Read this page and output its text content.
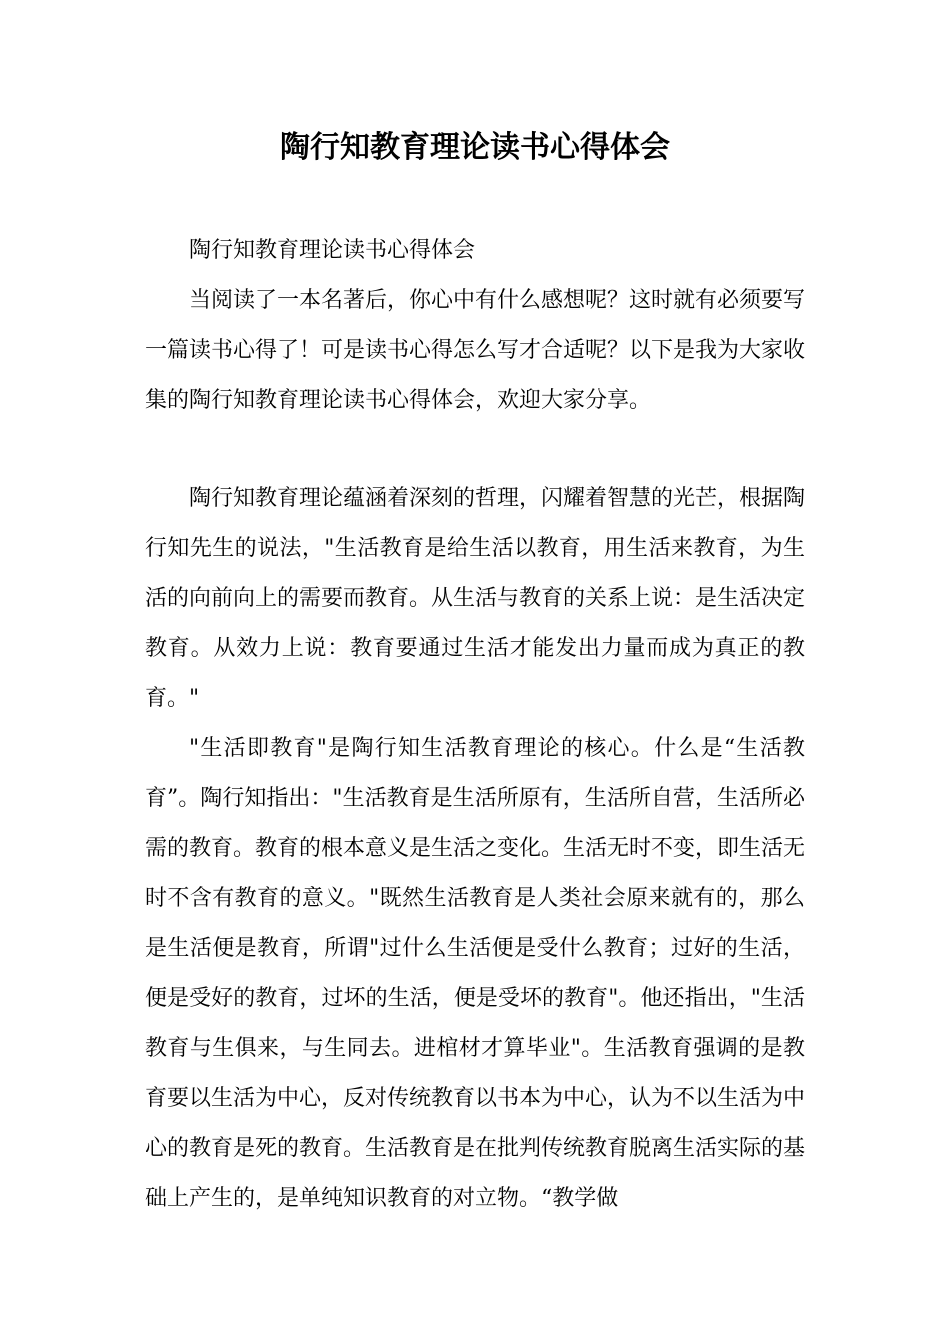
陶行知教育理论读书心得体会

陶行知教育理论读书心得体会

当阅读了一本名著后，你心中有什么感想呢？这时就有必须要写一篇读书心得了！可是读书心得怎么写才合适呢？以下是我为大家收集的陶行知教育理论读书心得体会，欢迎大家分享。

陶行知教育理论蕴涵着深刻的哲理，闪耀着智慧的光芒，根据陶行知先生的说法，"生活教育是给生活以教育，用生活来教育，为生活的向前向上的需要而教育。从生活与教育的关系上说：是生活决定教育。从效力上说：教育要通过生活才能发出力量而成为真正的教育。"

"生活即教育"是陶行知生活教育理论的核心。什么是“生活教育”。陶行知指出："生活教育是生活所原有，生活所自营，生活所必需的教育。教育的根本意义是生活之变化。生活无时不变，即生活无时不含有教育的意义。"既然生活教育是人类社会原来就有的，那么是生活便是教育，所谓"过什么生活便是受什么教育；过好的生活，便是受好的教育，过坏的生活，便是受坏的教育"。他还指出，"生活教育与生俱来，与生同去。进棺材才算毕业"。生活教育强调的是教育要以生活为中心，反对传统教育以书本为中心，认为不以生活为中心的教育是死的教育。生活教育是在批判传统教育脱离生活实际的基础上产生的，是单纯知识教育的对立物。“教学做
